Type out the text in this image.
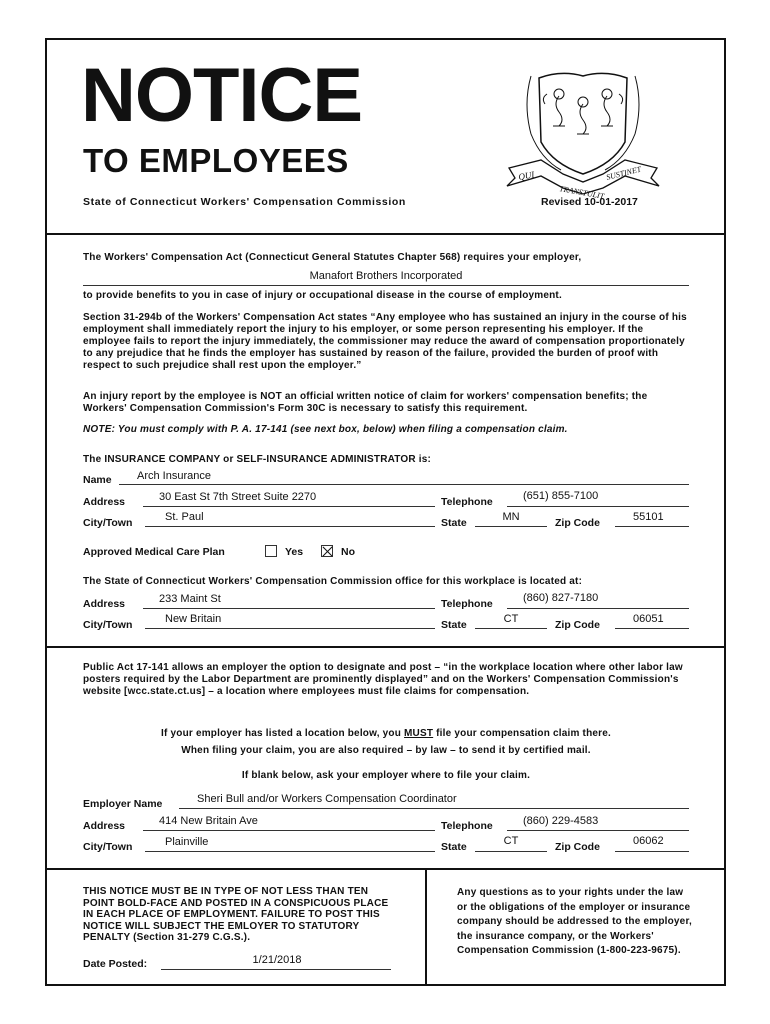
NOTICE
TO EMPLOYEES
State of Connecticut Workers' Compensation Commission	Revised 10-01-2017
QUI
TRANSTULIT
SUSTINET
The Workers' Compensation Act (Connecticut General Statutes Chapter 568) requires your employer,
Manafort Brothers Incorporated
to provide benefits to you in case of injury or occupational disease in the course of employment.
Section 31-294b of the Workers' Compensation Act states “Any employee who has sustained an injury in the course of his employment shall immediately report the injury to his employer, or some person representing his employer. If the employee fails to report the injury immediately, the commissioner may reduce the award of compensation proportionately to any prejudice that he finds the employer has sustained by reason of the failure, provided the burden of proof with respect to such prejudice shall rest upon the employer.”
An injury report by the employee is NOT an official written notice of claim for workers' compensation benefits; the Workers' Compensation Commission's Form 30C is necessary to satisfy this requirement.
NOTE: You must comply with P. A. 17-141 (see next box, below) when filing a compensation claim.
The INSURANCE COMPANY or SELF-INSURANCE ADMINISTRATOR is:
Name Arch Insurance
Address	30 East St 7th Street Suite 2270	Telephone	(651) 855-7100
City/Town	St. Paul	State	MN	Zip Code	55101
Approved Medical Care Plan	Yes	No
The State of Connecticut Workers' Compensation Commission office for this workplace is located at:
Address	233 Maint St	Telephone	(860) 827-7180
City/Town	New Britain	State	CT	Zip Code	06051
Public Act 17-141 allows an employer the option to designate and post – “in the workplace location where other labor law posters required by the Labor Department are prominently displayed” and on the Workers' Compensation Commission's website [wcc.state.ct.us] – a location where employees must file claims for compensation.
If your employer has listed a location below, you MUST file your compensation claim there.
When filing your claim, you are also required – by law – to send it by certified mail.
If blank below, ask your employer where to file your claim.
Employer Name	Sheri Bull and/or Workers Compensation Coordinator
Address	414 New Britain Ave	Telephone	(860) 229-4583
City/Town	Plainville	State	CT	Zip Code	06062
THIS NOTICE MUST BE IN TYPE OF NOT LESS THAN TEN POINT BOLD-FACE AND POSTED IN A CONSPICUOUS PLACE IN EACH PLACE OF EMPLOYMENT. FAILURE TO POST THIS NOTICE WILL SUBJECT THE EMLOYER TO STATUTORY PENALTY (Section 31-279 C.G.S.).
Date Posted:	1/21/2018
Any questions as to your rights under the law or the obligations of the employer or insurance company should be addressed to the employer, the insurance company, or the Workers' Compensation Commission (1-800-223-9675).
